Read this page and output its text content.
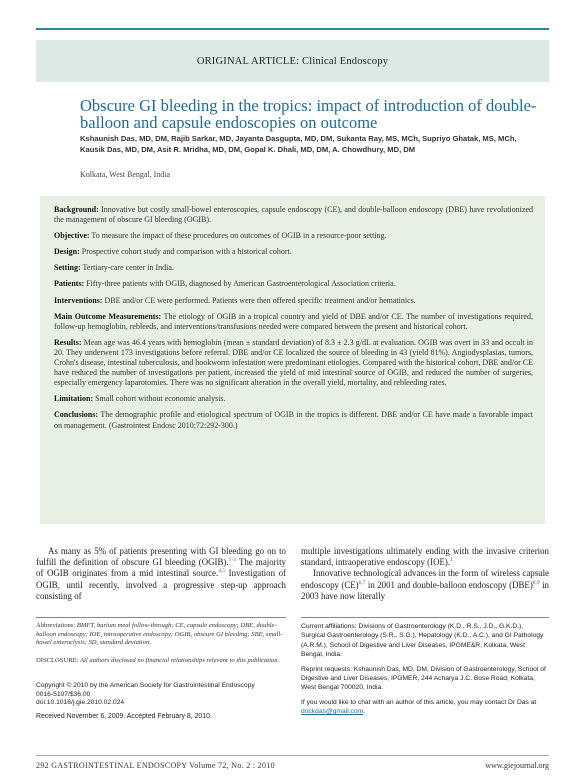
ORIGINAL ARTICLE: Clinical Endoscopy
Obscure GI bleeding in the tropics: impact of introduction of double-balloon and capsule endoscopies on outcome
Kshaunish Das, MD, DM, Rajib Sarkar, MD, Jayanta Dasgupta, MD, DM, Sukanta Ray, MS, MCh, Supriyo Ghatak, MS, MCh, Kausik Das, MD, DM, Asit R. Mridha, MD, DM, Gopal K. Dhali, MD, DM, A. Chowdhury, MD, DM
Kolkata, West Bengal, India

Background: Innovative but costly small-bowel enteroscopies, capsule endoscopy (CE), and double-balloon endoscopy (DBE) have revolutionized the management of obscure GI bleeding (OGIB).

Objective: To measure the impact of these procedures on outcomes of OGIB in a resource-poor setting.

Design: Prospective cohort study and comparison with a historical cohort.

Setting: Tertiary-care center in India.

Patients: Fifty-three patients with OGIB, diagnosed by American Gastroenterological Association criteria.

Interventions: DBE and/or CE were performed. Patients were then offered specific treatment and/or hematinics.

Main Outcome Measurements: The etiology of OGIB in a tropical country and yield of DBE and/or CE. The number of investigations required, follow-up hemoglobin, rebleeds, and interventions/transfusions needed were compared between the present and historical cohort.

Results: Mean age was 46.4 years with hemoglobin (mean ± standard deviation) of 8.3 ± 2.3 g/dL at evaluation. OGIB was overt in 33 and occult in 20. They underwent 173 investigations before referral. DBE and/or CE localized the source of bleeding in 43 (yield 81%). Angiodysplasias, tumors, Crohn's disease, intestinal tuberculosis, and hookworm infestation were predominant etiologies. Compared with the historical cohort, DBE and/or CE have reduced the number of investigations per patient, increased the yield of mid intestinal source of OGIB, and reduced the number of surgeries, especially emergency laparotomies. There was no significant alteration in the overall yield, mortality, and rebleeding rates.

Limitation: Small cohort without economic analysis.

Conclusions: The demographic profile and etiological spectrum of OGIB in the tropics is different. DBE and/or CE have made a favorable impact on management. (Gastrointest Endosc 2010;72:292-300.)

As many as 5% of patients presenting with GI bleeding go on to fulfill the definition of obscure GI bleeding (OGIB).$^{1-3}$ The majority of OGIB originates from a mid intestinal source.$^{4,5}$ Investigation of OGIB, until recently, involved a progressive step-up approach consisting of

multiple investigations ultimately ending with the invasive criterion standard, intraoperative endoscopy (IOE).$^1$

Innovative technological advances in the form of wireless capsule endoscopy (CE)$^{6,7}$ in 2001 and double-balloon endoscopy (DBE)$^{8,9}$ in 2003 have now literally

Abbreviations: BMFT, barium meal follow-through; CE, capsule endoscopy; DBE, double-balloon endoscopy; IOE, intraoperative endoscopy; OGIB, obscure GI bleeding; SBE, small-bowel enteroclysis; SD, standard deviation.
DISCLOSURE: All authors disclosed no financial relationships relevant to this publication.
Copyright © 2010 by the American Society for Gastrointestinal Endoscopy
0016-5107/$36.00
doi:10.1016/j.gie.2010.02.024
Received November 6, 2009. Accepted February 8, 2010.

Current affiliations: Divisions of Gastroenterology (K.D., R.S., J.D., G.K.D.), Surgical Gastroenterology (S.R., S.G.), Hepatology (K.D., A.C.), and GI Pathology (A.R.M.), School of Digestive and Liver Diseases, IPGME&R, Kolkata, West Bengal, India.

Reprint requests: Kshaunish Das, MD, DM, Division of Gastroenterology, School of Digestive and Liver Diseases, IPGMER, 244 Acharya J.C. Bose Road, Kolkata, West Bengal 700020, India.

If you would like to chat with an author of this article, you may contact Dr Das at dockdas@gmail.com.

292 GASTROINTESTINAL ENDOSCOPY Volume 72, No. 2 : 2010	www.giejournal.org
